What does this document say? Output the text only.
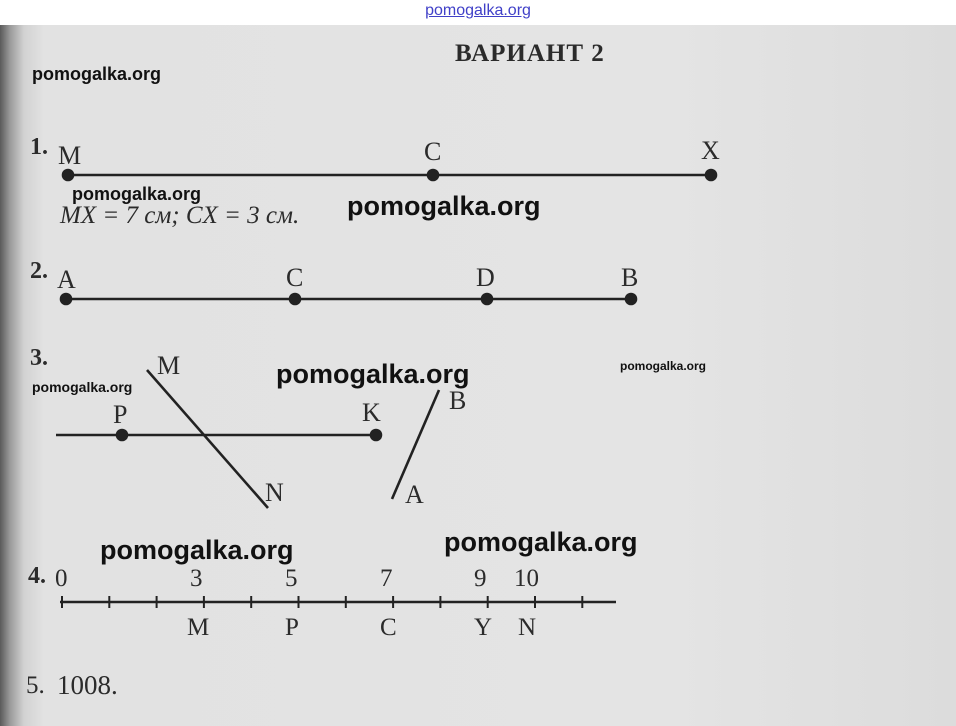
pomogalka.org
ВАРИАНТ 2
1. M	C	X
MX = 7 см; CX = 3 см.
2. A	C	D	B
3.	M
N
P	K	B
A
4. 0	3	5	7	9 10
M	P	C	Y N
5. 1008.
pomogalka.org
pomogalka.org	pomogalka.org
pomogalka.org	pomogalka.org
pomogalka.org
pomogalka.org	pomogalka.org
